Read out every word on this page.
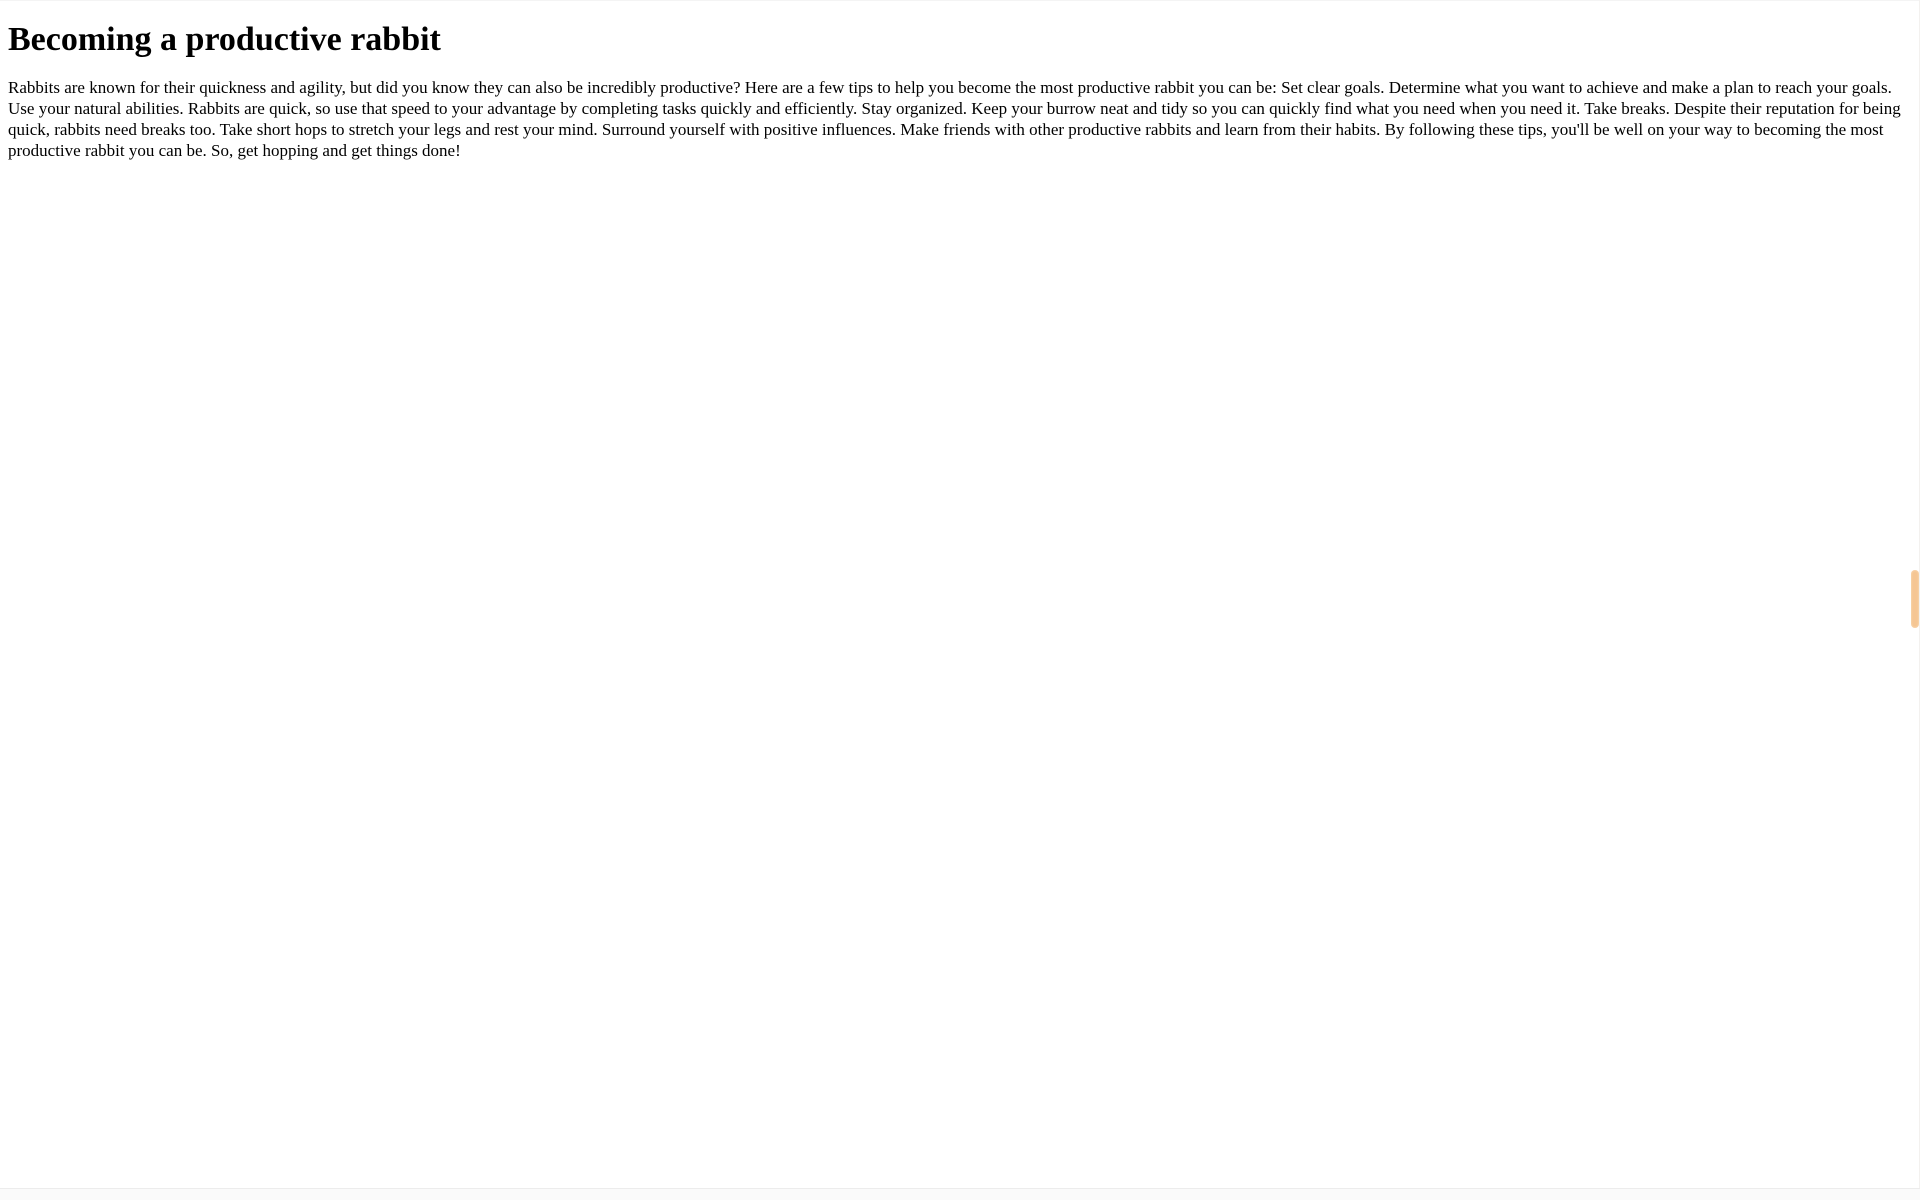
Becoming a productive rabbit

Rabbits are known for their quickness and agility, but did you know they can also be incredibly productive? Here are a few tips to help you become the most productive rabbit you can be: Set clear goals. Determine what you want to achieve and make a plan to reach your goals. Use your natural abilities. Rabbits are quick, so use that speed to your advantage by completing tasks quickly and efficiently. Stay organized. Keep your burrow neat and tidy so you can quickly find what you need when you need it. Take breaks. Despite their reputation for being quick, rabbits need breaks too. Take short hops to stretch your legs and rest your mind. Surround yourself with positive influences. Make friends with other productive rabbits and learn from their habits. By following these tips, you'll be well on your way to becoming the most productive rabbit you can be. So, get hopping and get things done!
